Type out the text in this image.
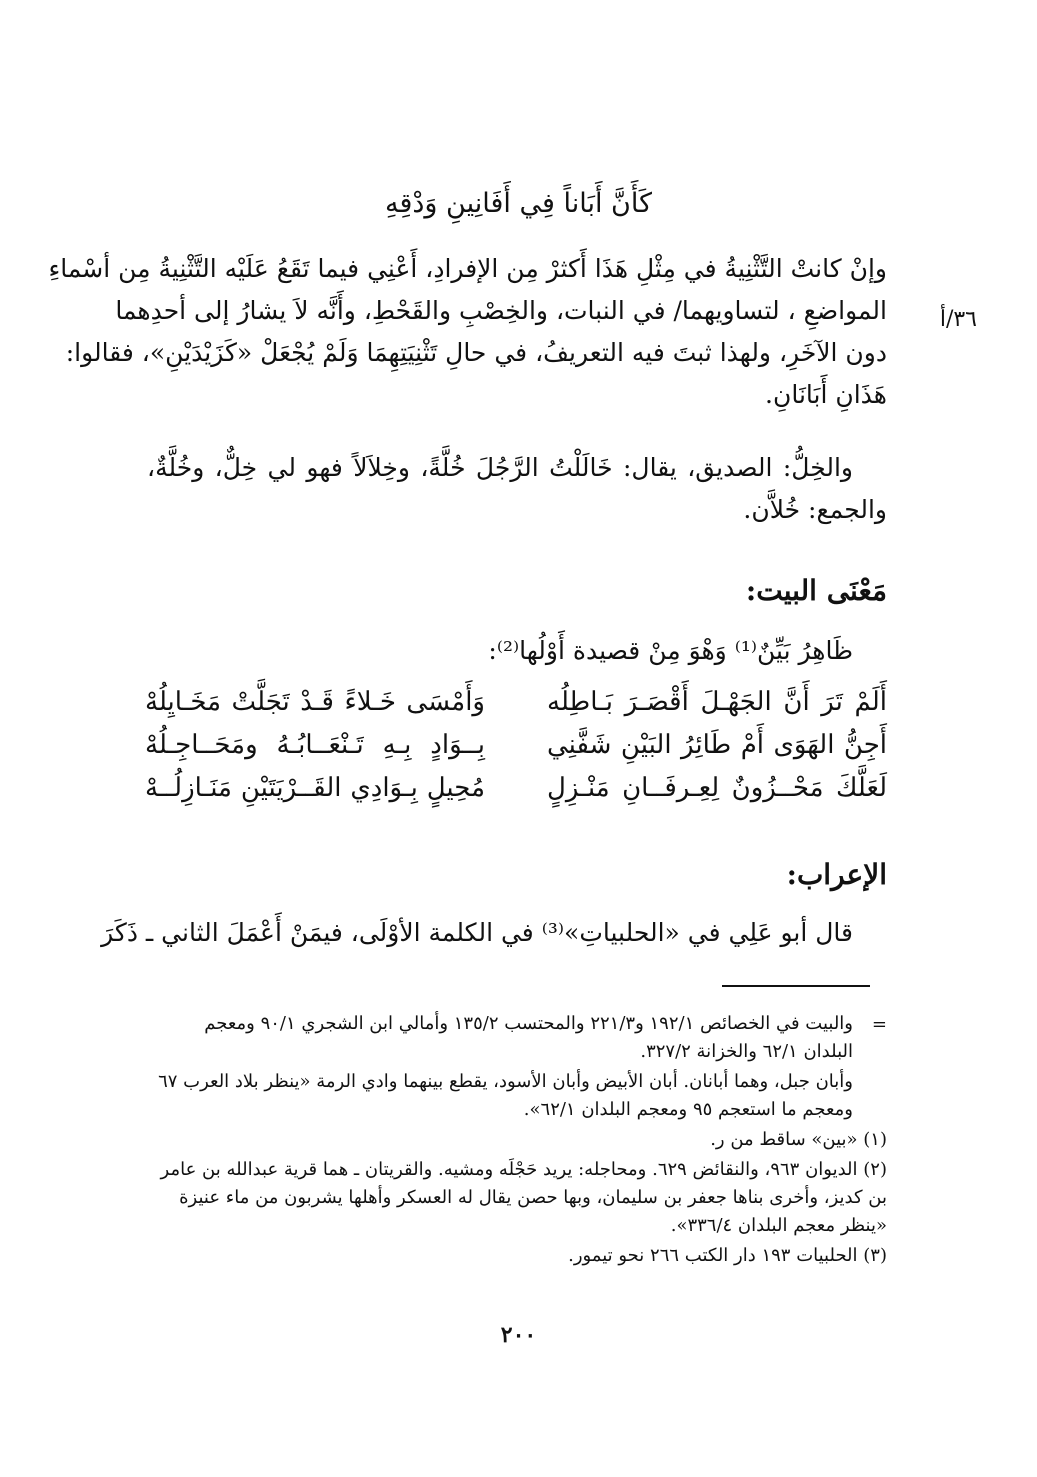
كَأَنَّ أَبَاناً فِي أَفَانِينِ وَدْقِهِ
٣٦/أ
وإنْ كانتْ التَّثْنِيةُ في مِثْلِ هَذَا أَكثرْ مِن الإفرادِ، أَعْنِي فيما تَقَعُ عَلَيْه التَّثْنِيةُ مِن أسْماءِ
المواضعِ ، لتساويهما/ في النبات، والخِصْبِ والقَحْطِ، وأَنَّه لاَ يشارُ إلى أحدِهما
دون الآخَرِ، ولهذا ثبتَ فيه التعريفُ، في حالِ تَثْنِيَتِهِمَا وَلَمْ يُجْعَلْ «كَزَيْدَيْنِ»، فقالوا:
هَذَانِ أَبَانَانِ.
والخِلُّ: الصديق، يقال: خَالَلْتُ الرَّجُلَ خُلَّةً، وخِلاَلاً فهو لي خِلٌّ، وخُلَّةٌ،
والجمع: خُلاَّن.
مَعْنَى البيت:
ظَاهِرُ بَيِّنٌ⁽¹⁾ وَهْوَ مِنْ قصيدة أَوْلُها⁽²⁾:
أَلَمْ تَرَ أَنَّ الجَهْـلَ أَقْصَـرَ بَـاطِلُه
وَأَمْسَى خَـلاءً قَـدْ تَجَلَّتْ مَخَـايِلُهْ
أَجِنُّ الهَوَى أَمْ طَائِرُ البَيْنِ شَفَّنِي
بِــوَادٍ بِـهِ تَـنْعَــابُـهُ ومَحَــاجِـلُهْ
لَعَلَّكَ مَحْــزُونٌ لِعِـرفَــانِ مَنْـزِلٍ
مُحِيلٍ بِـوَادِي القَــرْيَتَيْنِ مَنَـازِلُــهْ
الإعراب:
قال أبو عَلِي في «الحلبياتِ»⁽³⁾ في الكلمة الأوْلَى، فيمَنْ أَعْمَلَ الثاني ـ ذَكَرَ
والبيت في الخصائص ١٩٢/١ و٢٢١/٣ والمحتسب ١٣٥/٢ وأمالي ابن الشجري ٩٠/١ ومعجم
البلدان ٦٢/١ والخزانة ٣٢٧/٢.
وأبان جبل، وهما أبانان. أبان الأبيض وأبان الأسود، يقطع بينهما وادي الرمة «ينظر بلاد العرب ٦٧
ومعجم ما استعجم ٩٥ ومعجم البلدان ٦٢/١».
(١) «بين» ساقط من ر.
(٢) الديوان ٩٦٣، والنقائض ٦٢٩. ومحاجله: يريد حَجْلَه ومشيه. والقريتان ـ هما قرية عبدالله بن عامر
بن كديز، وأخرى بناها جعفر بن سليمان، وبها حصن يقال له العسكر وأهلها يشربون من ماء عنيزة
«ينظر معجم البلدان ٣٣٦/٤».
(٣) الحلبيات ١٩٣ دار الكتب ٢٦٦ نحو تيمور.
=
٢٠٠
